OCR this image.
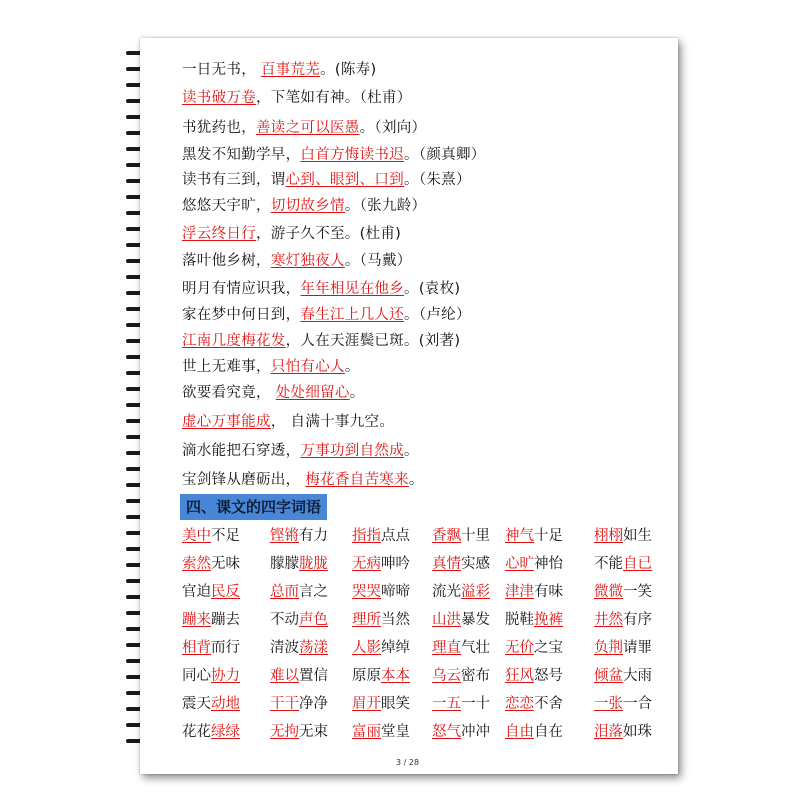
一日无书， 百事荒芜。(陈寿)
读书破万卷，下笔如有神。（杜甫）
书犹药也，善读之可以医愚。（刘向）
黑发不知勤学早，白首方悔读书迟。（颜真卿）
读书有三到，谓心到、眼到、口到。（朱熹）
悠悠天宇旷，切切故乡情。（张九龄）
浮云终日行，游子久不至。(杜甫)
落叶他乡树，寒灯独夜人。（马戴）
明月有情应识我，年年相见在他乡。(袁枚)
家在梦中何日到，春生江上几人还。（卢纶）
江南几度梅花发，人在天涯鬓已斑。(刘著)
世上无难事，只怕有心人。
欲要看究竟， 处处细留心。
虚心万事能成， 自满十事九空。
滴水能把石穿透，万事功到自然成。
宝剑锋从磨砺出， 梅花香自苦寒来。
四、课文的四字词语
美中不足 铿锵有力 指指点点 香飘十里 神气十足 栩栩如生
索然无味 朦朦胧胧 无病呻吟 真情实感 心旷神怡 不能自已
官迫民反 总而言之 哭哭啼啼 流光溢彩 津津有味 微微一笑
蹦来蹦去 不动声色 理所当然 山洪暴发 脱鞋挽裤 井然有序
相背而行 清波荡漾 人影绰绰 理直气壮 无价之宝 负荆请罪
同心协力 难以置信 原原本本 乌云密布 狂风怒号 倾盆大雨
震天动地 干干净净 眉开眼笑 一五一十 恋恋不舍 一张一合
花花绿绿 无拘无束 富丽堂皇 怒气冲冲 自由自在 泪落如珠
3 / 28
